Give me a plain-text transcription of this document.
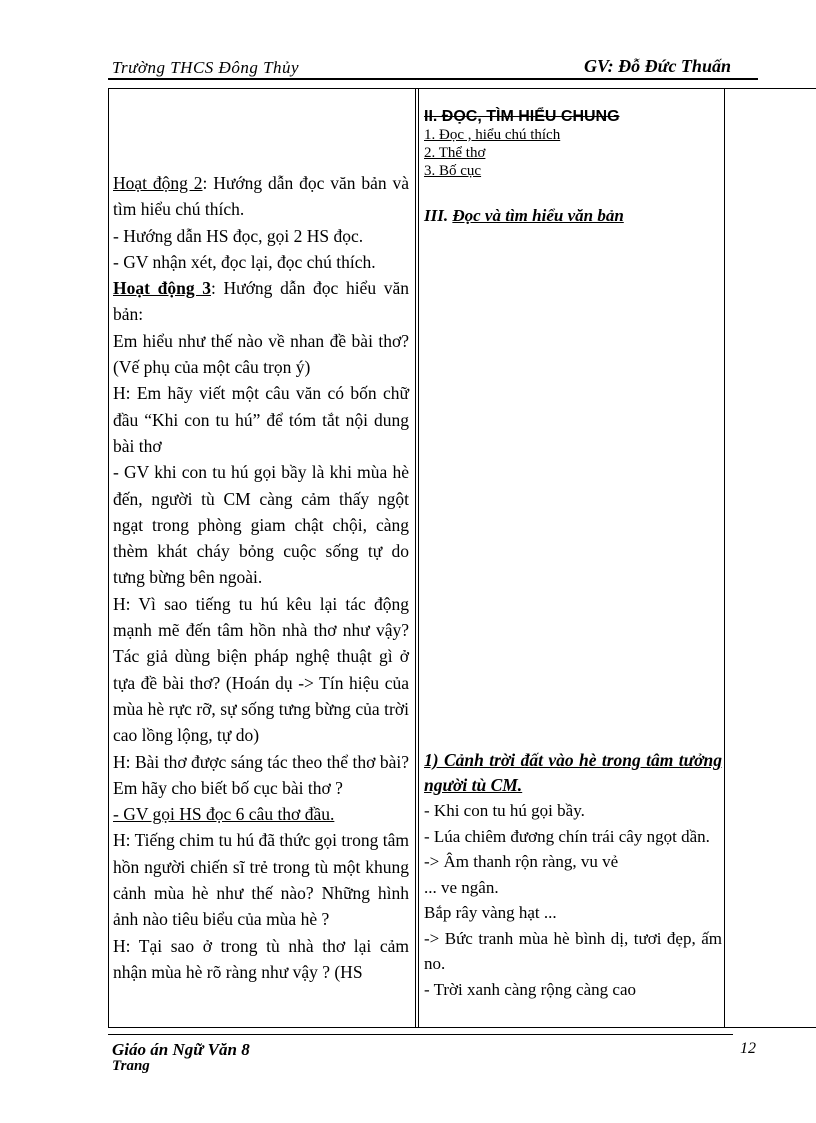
Trường THCS Đông Thủy	GV: Đỗ Đức Thuấn

Hoạt động 2: Hướng dẫn đọc văn bản và tìm hiểu chú thích.

- Hướng dẫn HS đọc, gọi 2 HS đọc.

- GV nhận xét, đọc lại, đọc chú thích.

Hoạt động 3: Hướng dẫn đọc hiểu văn bản:

Em hiểu như thế nào về nhan đề bài thơ? (Vế phụ của một câu trọn ý)

H: Em hãy viết một câu văn có bốn chữ đầu “Khi con tu hú” để tóm tắt nội dung bài thơ

- GV khi con tu hú gọi bầy là khi mùa hè đến, người tù CM càng cảm thấy ngột ngạt trong phòng giam chật chội, càng thèm khát cháy bỏng cuộc sống tự do tưng bừng bên ngoài.

H: Vì sao tiếng tu hú kêu lại tác động mạnh mẽ đến tâm hồn nhà thơ như vậy? Tác giả dùng biện pháp nghệ thuật gì ở tựa đề bài thơ? (Hoán dụ -> Tín hiệu của mùa hè rực rỡ, sự sống tưng bừng của trời cao lồng lộng, tự do)

H: Bài thơ được sáng tác theo thể thơ bài? Em hãy cho biết bố cục bài thơ ?

- GV gọi HS đọc 6 câu thơ đầu.

H: Tiếng chim tu hú đã thức gọi trong tâm hồn người chiến sĩ trẻ trong tù một khung cảnh mùa hè như thế nào? Những hình ảnh nào tiêu biểu của mùa hè ?

H: Tại sao ở trong tù nhà thơ lại cảm nhận mùa hè rõ ràng như vậy ? (HS

II. ĐỌC, TÌM HIỂU CHUNG
1. Đọc , hiểu chú thích
2. Thể thơ
3. Bố cục
III. Đọc và tìm hiểu văn bản
1) Cảnh trời đất vào hè trong tâm tưởng người tù CM.

- Khi con tu hú gọi bầy.

- Lúa chiêm đương chín trái cây ngọt dần.

-> Âm thanh rộn ràng, vu vẻ

... ve ngân.

Bắp rây vàng hạt ...

-> Bức tranh mùa hè bình dị, tươi đẹp, ấm no.

- Trời xanh càng rộng càng cao

Giáo án Ngữ Văn 8
Trang
12
